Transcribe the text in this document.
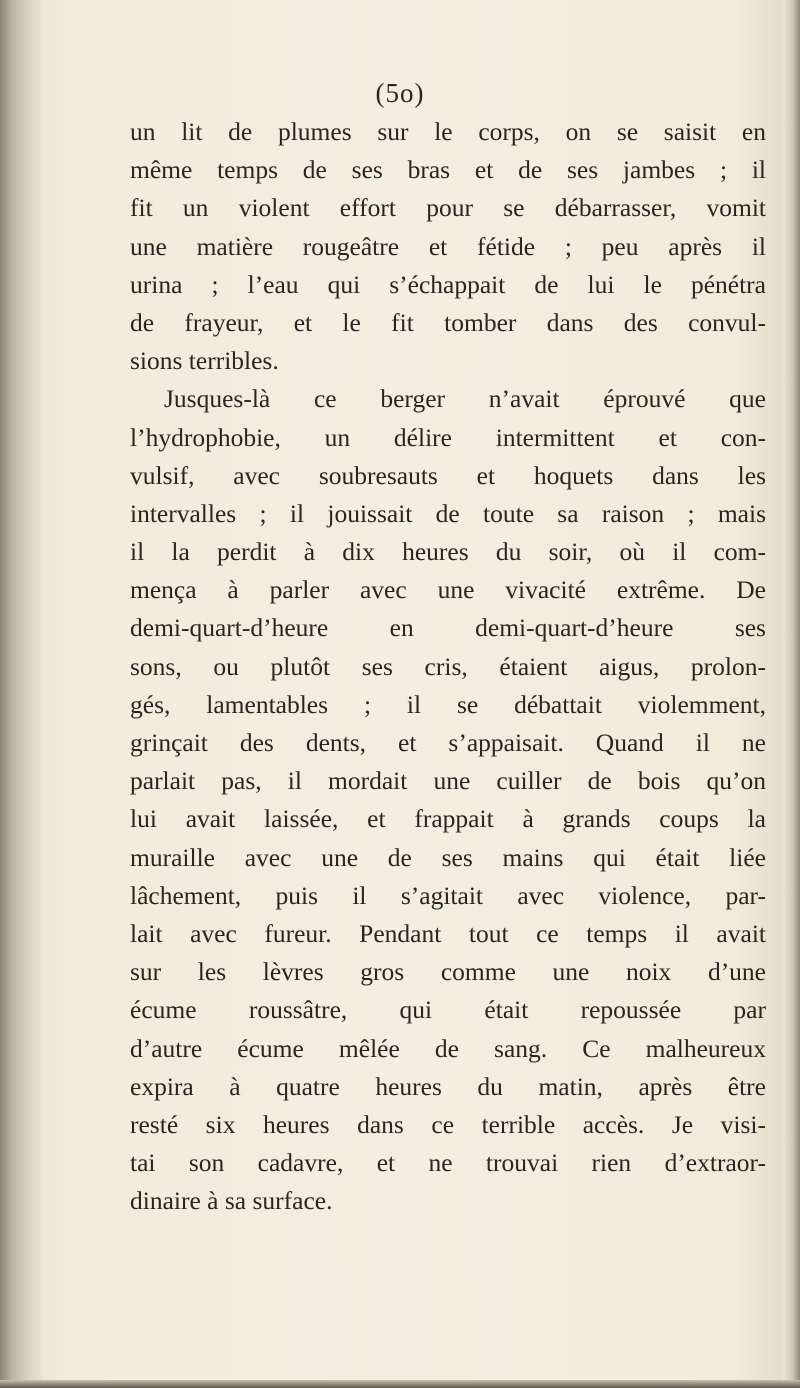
(5o)
un lit de plumes sur le corps, on se saisit en
même temps de ses bras et de ses jambes ; il
fit un violent effort pour se débarrasser, vomit
une matière rougeâtre et fétide ; peu après il
urina ; l’eau qui s’échappait de lui le pénétra
de frayeur, et le fit tomber dans des convul-
sions terribles.
Jusques-là ce berger n’avait éprouvé que
l’hydrophobie, un délire intermittent et con-
vulsif, avec soubresauts et hoquets dans les
intervalles ; il jouissait de toute sa raison ; mais
il la perdit à dix heures du soir, où il com-
mença à parler avec une vivacité extrême. De
demi-quart-d’heure en demi-quart-d’heure ses
sons, ou plutôt ses cris, étaient aigus, prolon-
gés, lamentables ; il se débattait violemment,
grinçait des dents, et s’appaisait. Quand il ne
parlait pas, il mordait une cuiller de bois qu’on
lui avait laissée, et frappait à grands coups la
muraille avec une de ses mains qui était liée
lâchement, puis il s’agitait avec violence, par-
lait avec fureur. Pendant tout ce temps il avait
sur les lèvres gros comme une noix d’une
écume roussâtre, qui était repoussée par
d’autre écume mêlée de sang. Ce malheureux
expira à quatre heures du matin, après être
resté six heures dans ce terrible accès. Je visi-
tai son cadavre, et ne trouvai rien d’extraor-
dinaire à sa surface.
